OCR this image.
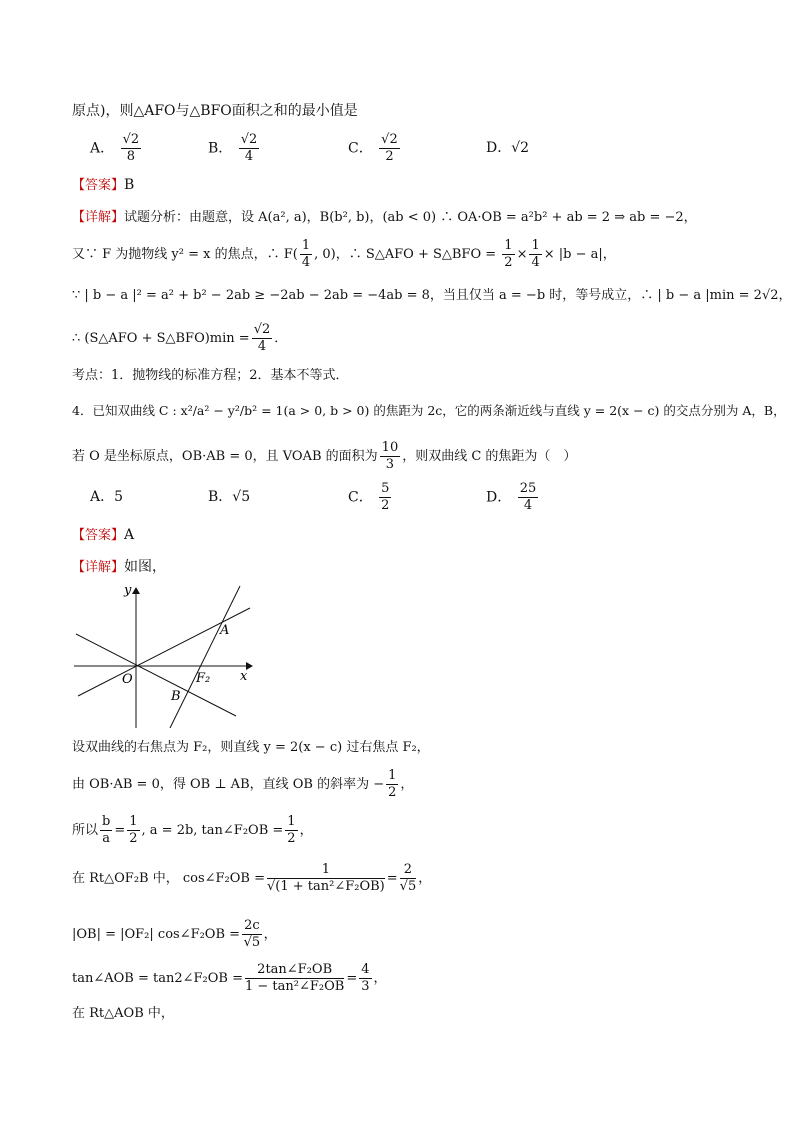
原点)，则△AFO与△BFO面积之和的最小值是
A． $\frac{√2}{8}$	B． $\frac{√2}{4}$	C． $\frac{√2}{2}$	D．√2
【答案】B
【详解】试题分析：由题意，设 A(a², a)，B(b², b)，(ab < 0) ∴ OA·OB = a²b² + ab = 2 ⇒ ab = −2，
又∵ F 为抛物线 y² = x 的焦点，∴ $F( \frac{1}{4}$ , 0)，∴ S△AFO + S△BFO = $\frac{1}{2} \times \frac{1}{4} \times |b - a|$，
∵ | b − a |² = a² + b² − 2ab ≥ −2ab − 2ab = −4ab = 8，当且仅当 a = −b 时，等号成立，∴ | b − a |min = 2√2，
∴ (S△AFO + S△BFO)min = $\frac{√2}{4}$ ．
考点：1．抛物线的标准方程；2．基本不等式．
4．已知双曲线 C : x²/a² − y²/b² = 1(a > 0, b > 0) 的焦距为 2c，它的两条渐近线与直线 y = 2(x − c) 的交点分别为 A，B，
若 O 是坐标原点，OB·AB = 0，且 VOAB 的面积为 $\frac{10}{3}$ ，则双曲线 C 的焦距为（　）
A．5	B．√5	C． $\frac{5}{2}$	D． $\frac{25}{4}$
【答案】A
【详解】如图，
y
x
O
A
B
F₂
设双曲线的右焦点为 F₂，则直线 y = 2(x − c) 过右焦点 F₂，
由 OB·AB = 0，得 OB ⊥ AB，直线 OB 的斜率为 − $\frac{1}{2}$ ，
所以 $\frac{b}{a} = \frac{1}{2}$ , a = 2b, tan∠F₂OB = $\frac{1}{2}$ ，
在 Rt△OF₂B 中， cos∠F₂OB = $\frac{1}{\text{√(1 + tan²∠F₂OB)}} = \frac{2}{√5}$ ，
|OB| = |OF₂| cos∠F₂OB = $\frac{2c}{√5}$ ，
tan∠AOB = tan2∠F₂OB = $\frac{\text{2tan∠F₂OB}}{\text{1 − tan²∠F₂OB}} = \frac{4}{3}$ ，
在 Rt△AOB 中，
